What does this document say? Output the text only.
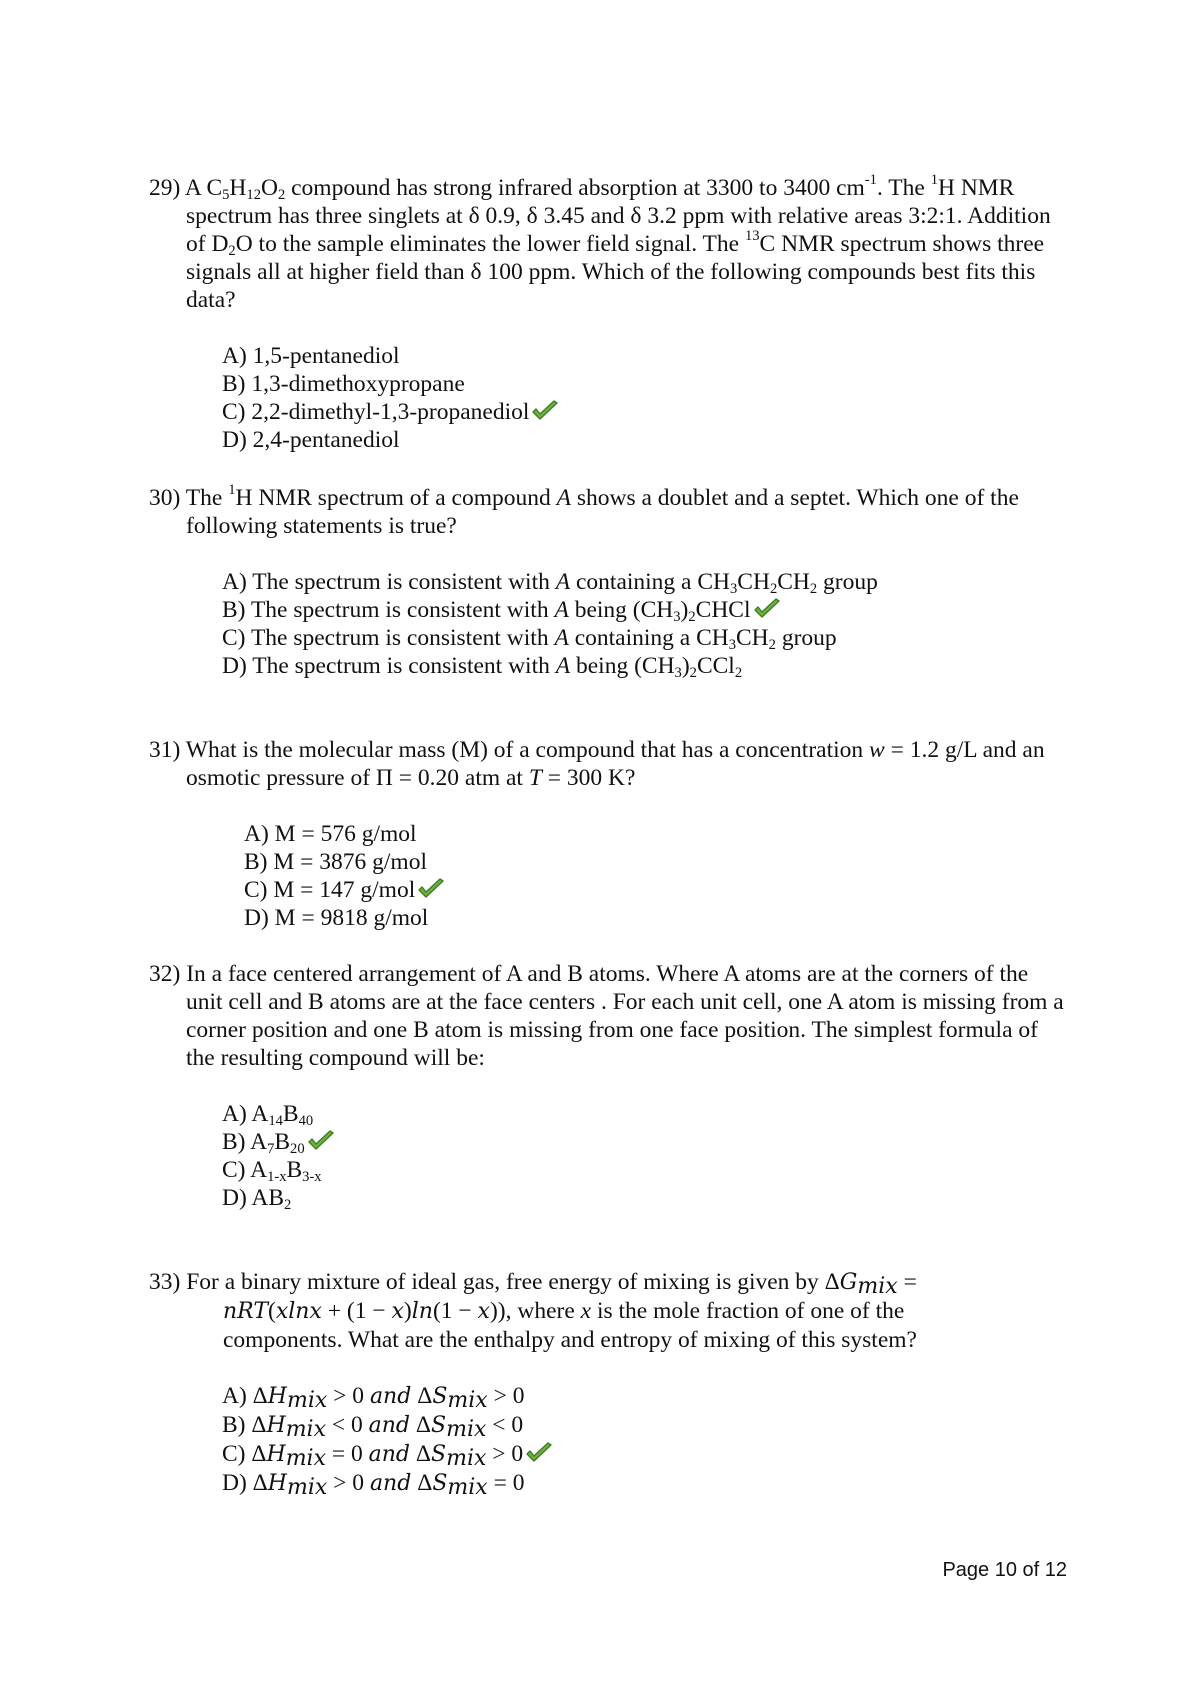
29) A $C_5H_{12}O_2$ compound has strong infrared absorption at 3300 to 3400 $cm^{-1}$. The $^1$H NMR spectrum has three singlets at δ 0.9, δ 3.45 and δ 3.2 ppm with relative areas 3:2:1. Addition of $D_2O$ to the sample eliminates the lower field signal. The $^{13}$C NMR spectrum shows three signals all at higher field than δ 100 ppm. Which of the following compounds best fits this data?
A) 1,5-pentanediol
B) 1,3-dimethoxypropane
C) 2,2-dimethyl-1,3-propanediol
D) 2,4-pentanediol
30) The $^1$H NMR spectrum of a compound A shows a doublet and a septet. Which one of the following statements is true?
A) The spectrum is consistent with A containing a $CH_3CH_2CH_2$ group
B) The spectrum is consistent with A being $(CH_3)_2CHCl$
C) The spectrum is consistent with A containing a $CH_3CH_2$ group
D) The spectrum is consistent with A being $(CH_3)_2CCl_2$
31) What is the molecular mass (M) of a compound that has a concentration w = 1.2 g/L and an osmotic pressure of Π = 0.20 atm at T = 300 K?
A) M = 576 g/mol
B) M = 3876 g/mol
C) M = 147 g/mol
D) M = 9818 g/mol
32) In a face centered arrangement of A and B atoms. Where A atoms are at the corners of the unit cell and B atoms are at the face centers . For each unit cell, one A atom is missing from a corner position and one B atom is missing from one face position. The simplest formula of the resulting compound will be:
A) $A_{14}B_{40}$
B) $A_7B_{20}$
C) $A_{1-x}B_{3-x}$
D) $AB_2$
33) For a binary mixture of ideal gas, free energy of mixing is given by $\Delta G_{mix}$ =
nRT(xlnx + (1 − x)ln(1 − x)), where x is the mole fraction of one of the
components. What are the enthalpy and entropy of mixing of this system?
A) $\Delta H_{mix} > 0$ and $\Delta S_{mix} > 0$
B) $\Delta H_{mix} < 0$ and $\Delta S_{mix} < 0$
C) $\Delta H_{mix} = 0$ and $\Delta S_{mix} > 0$
D) $\Delta H_{mix} > 0$ and $\Delta S_{mix} = 0$
Page 10 of 12
